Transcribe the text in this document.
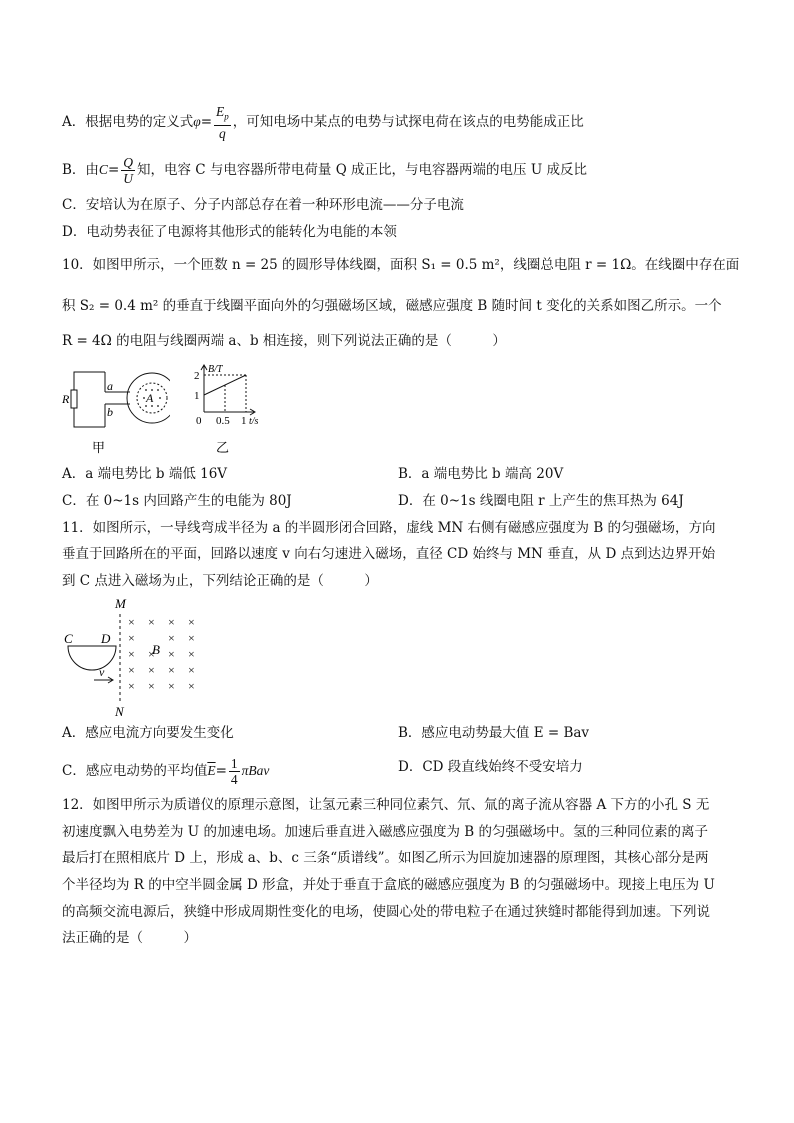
A．根据电势的定义式$\varphi= \frac{E_p}{q}$ ，可知电场中某点的电势与试探电荷在该点的电势能成正比
B．由$C= \frac{Q}{U}$ 知，电容 C 与电容器所带电荷量 Q 成正比，与电容器两端的电压 U 成反比
C．安培认为在原子、分子内部总存在着一种环形电流——分子电流
D．电动势表征了电源将其他形式的能转化为电能的本领
10．如图甲所示，一个匝数 n = 25 的圆形导体线圈，面积 S₁ = 0.5 m²，线圈总电阻 r = 1Ω。在线圈中存在面
积 S₂ = 0.4 m² 的垂直于线圈平面向外的匀强磁场区域，磁感应强度 B 随时间 t 变化的关系如图乙所示。一个
R = 4Ω 的电阻与线圈两端 a、b 相连接，则下列说法正确的是（　　　）
R
a
b
A
甲
B/T
2
1
0 0.5 1 t/s
乙
A．a 端电势比 b 端低 16V	B．a 端电势比 b 端高 20V
C．在 0~1s 内回路产生的电能为 80J	D．在 0~1s 线圈电阻 r 上产生的焦耳热为 64J
11．如图所示，一导线弯成半径为 a 的半圆形闭合回路，虚线 MN 右侧有磁感应强度为 B 的匀强磁场，方向
垂直于回路所在的平面，回路以速度 v 向右匀速进入磁场，直径 CD 始终与 MN 垂直，从 D 点到达边界开始
到 C 点进入磁场为止，下列结论正确的是（　　　）
M
N
C D
v
B
× × × ×
×	× ×
× × × ×
× × × ×
× × × ×
A．感应电流方向要发生变化	B．感应电动势最大值 E = Bav
C．感应电动势的平均值$\overline{E}= \frac{1}{4}$ πBav	D．CD 段直线始终不受安培力
12．如图甲所示为质谱仪的原理示意图，让氢元素三种同位素氕、氘、氚的离子流从容器 A 下方的小孔 S 无
初速度飘入电势差为 U 的加速电场。加速后垂直进入磁感应强度为 B 的匀强磁场中。氢的三种同位素的离子
最后打在照相底片 D 上，形成 a、b、c 三条“质谱线”。如图乙所示为回旋加速器的原理图，其核心部分是两
个半径均为 R 的中空半圆金属 D 形盒，并处于垂直于盒底的磁感应强度为 B 的匀强磁场中。现接上电压为 U
的高频交流电源后，狭缝中形成周期性变化的电场，使圆心处的带电粒子在通过狭缝时都能得到加速。下列说
法正确的是（　　　）
